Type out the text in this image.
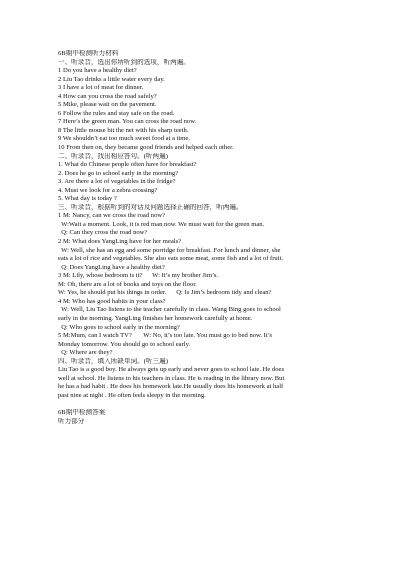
6B期中检测听力材料
一、听录音，选出你所听到的选项，听两遍。
1 Do you have a healthy diet?
2 Liu Tao drinks a little water every day.
3 I have a lot of meat for dinner.
4 How can you cross the road safely?
5 Mike, please wait on the pavement.
6 Follow the rules and stay safe on the road.
7 Here’s the green man. You can cross the road now.
8 The little mouse bit the net with his sharp teeth.
9 We shouldn’t eat too much sweet food at a time.
10 From then on, they became good friends and helped each other.
二、听录音，找出相应答句。(听两遍)
1. What do Chinese people often have for breakfast?
2. Does he go to school early in the morning?
3. Are there a lot of vegetables in the fridge?
4. Must we look for a zebra crossing?
5. What day is today ?
三、听录音，根据听到的对话及问题选择正确的回答，听两遍。
1 M: Nancy, can we cross the road now?
W:Wait a moment. Look, it is red man now. We must wait for the green man.
Q: Can they cross the road now?
2 M: What does YangLing have for her meals?
W: Well, she has an egg and some porridge for breakfast. For lunch and dinner, she
eats a lot of rice and vegetables. She also eats some meat, some fish and a lot of fruit.
Q: Does YangLing have a healthy diet?
3 M: Lily, whose bedroom is it?      W: It’s my brother Jim’s.
M: Oh, there are a lot of books and toys on the floor.
W: Yes, he should put his things in order.      Q: Is Jim’s bedroom tidy and clean?
4 M: Who has good habits in your class?
W: Well, Liu Tao listens to the teacher carefully in class. Wang Bing goes to school
early in the morning. YangLing finishes her homework carefully at home.
Q: Who goes to school early in the morning?
5 M:Mum, can I watch TV?       W: No, it’s too late. You must go to bed now. It’s
Monday tomorrow. You should go to school early.
Q: Where are they?
四、听录音，填入所缺单词。(听三遍)
Liu Tao is a good boy. He always gets up early and never goes to school late. He does
well at school. He listens to his teachers in class. He is reading in the library now. But
he has a bad habit . He does his homework late.He usually does his homework at half
past nine at night . He often feels sleepy in the morning.
6B期中检测答案
听力部分
